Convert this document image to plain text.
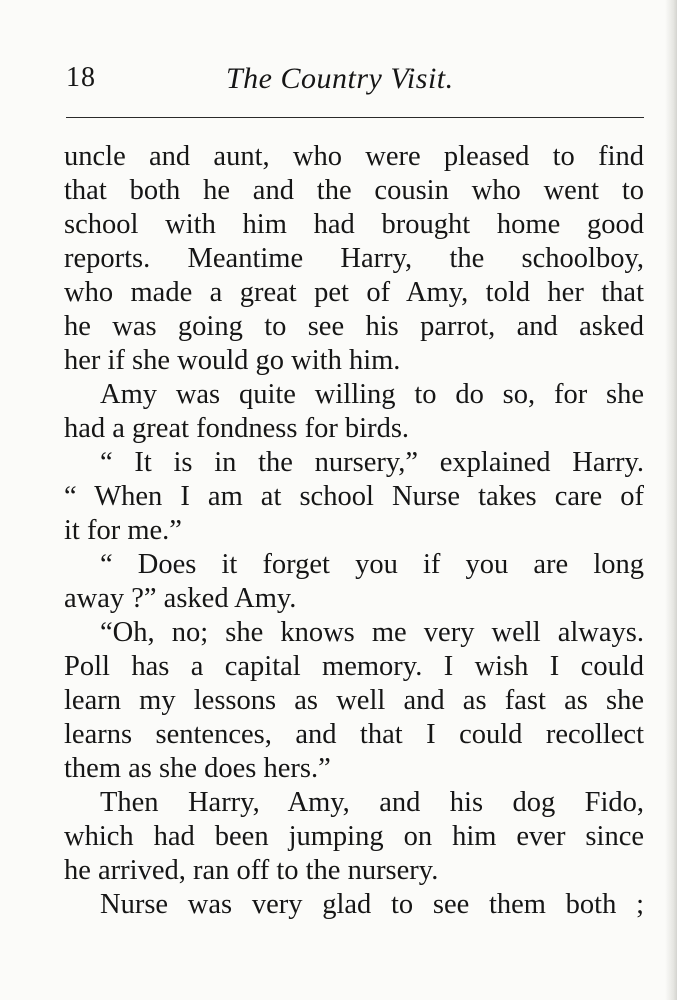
18	The Country Visit.
uncle and aunt, who were pleased to find
that both he and the cousin who went to
school with him had brought home good
reports. Meantime Harry, the schoolboy,
who made a great pet of Amy, told her that
he was going to see his parrot, and asked
her if she would go with him.
Amy was quite willing to do so, for she
had a great fondness for birds.
“ It is in the nursery,” explained Harry.
“ When I am at school Nurse takes care of
it for me.”
“ Does it forget you if you are long
away ?” asked Amy.
“Oh, no; she knows me very well always.
Poll has a capital memory. I wish I could
learn my lessons as well and as fast as she
learns sentences, and that I could recollect
them as she does hers.”
Then Harry, Amy, and his dog Fido,
which had been jumping on him ever since
he arrived, ran off to the nursery.
Nurse was very glad to see them both ;
